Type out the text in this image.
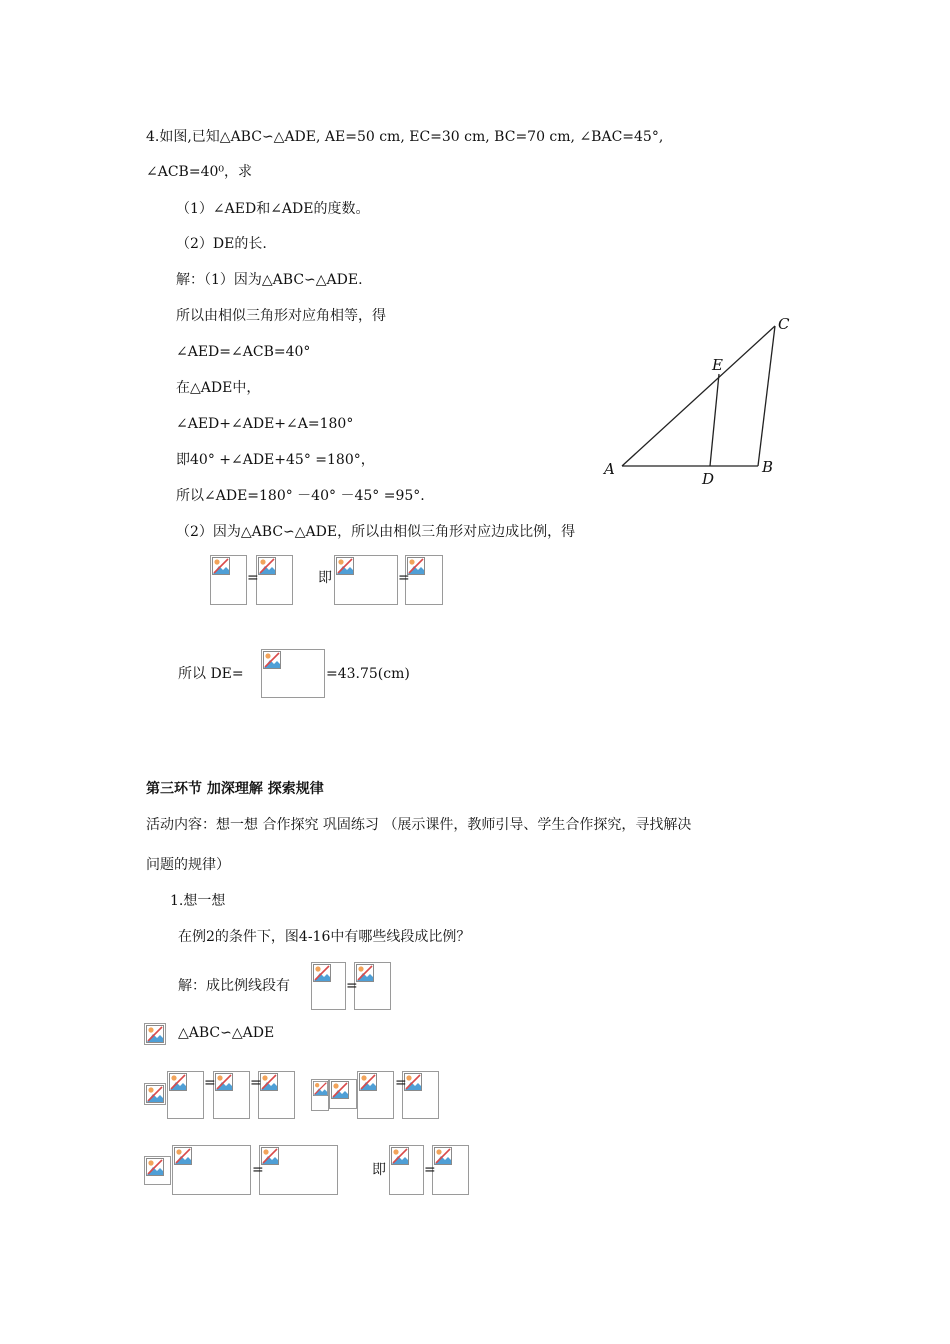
4.如图,已知△ABC∽△ADE, AE=50 cm, EC=30 cm, BC=70 cm, ∠BAC=45°,
∠ACB=40⁰，求
（1）∠AED和∠ADE的度数。
（2）DE的长.
解：（1）因为△ABC∽△ADE.
所以由相似三角形对应角相等，得
∠AED=∠ACB=40°
在△ADE中，
∠AED+∠ADE+∠A=180°
即40° +∠ADE+45° =180°，
所以∠ADE=180° －40° －45° =95°.
（2）因为△ABC∽△ADE，所以由相似三角形对应边成比例，得
A	B
C
D
E
=	即	=
所以 DE=	=43.75(cm)
第三环节 加深理解 探索规律
活动内容：想一想 合作探究 巩固练习 （展示课件，教师引导、学生合作探究，寻找解决
问题的规律）
1.想一想
在例2的条件下，图4-16中有哪些线段成比例？
解：成比例线段有	=
△ABC∽△ADE
= =	=
=	即	=
